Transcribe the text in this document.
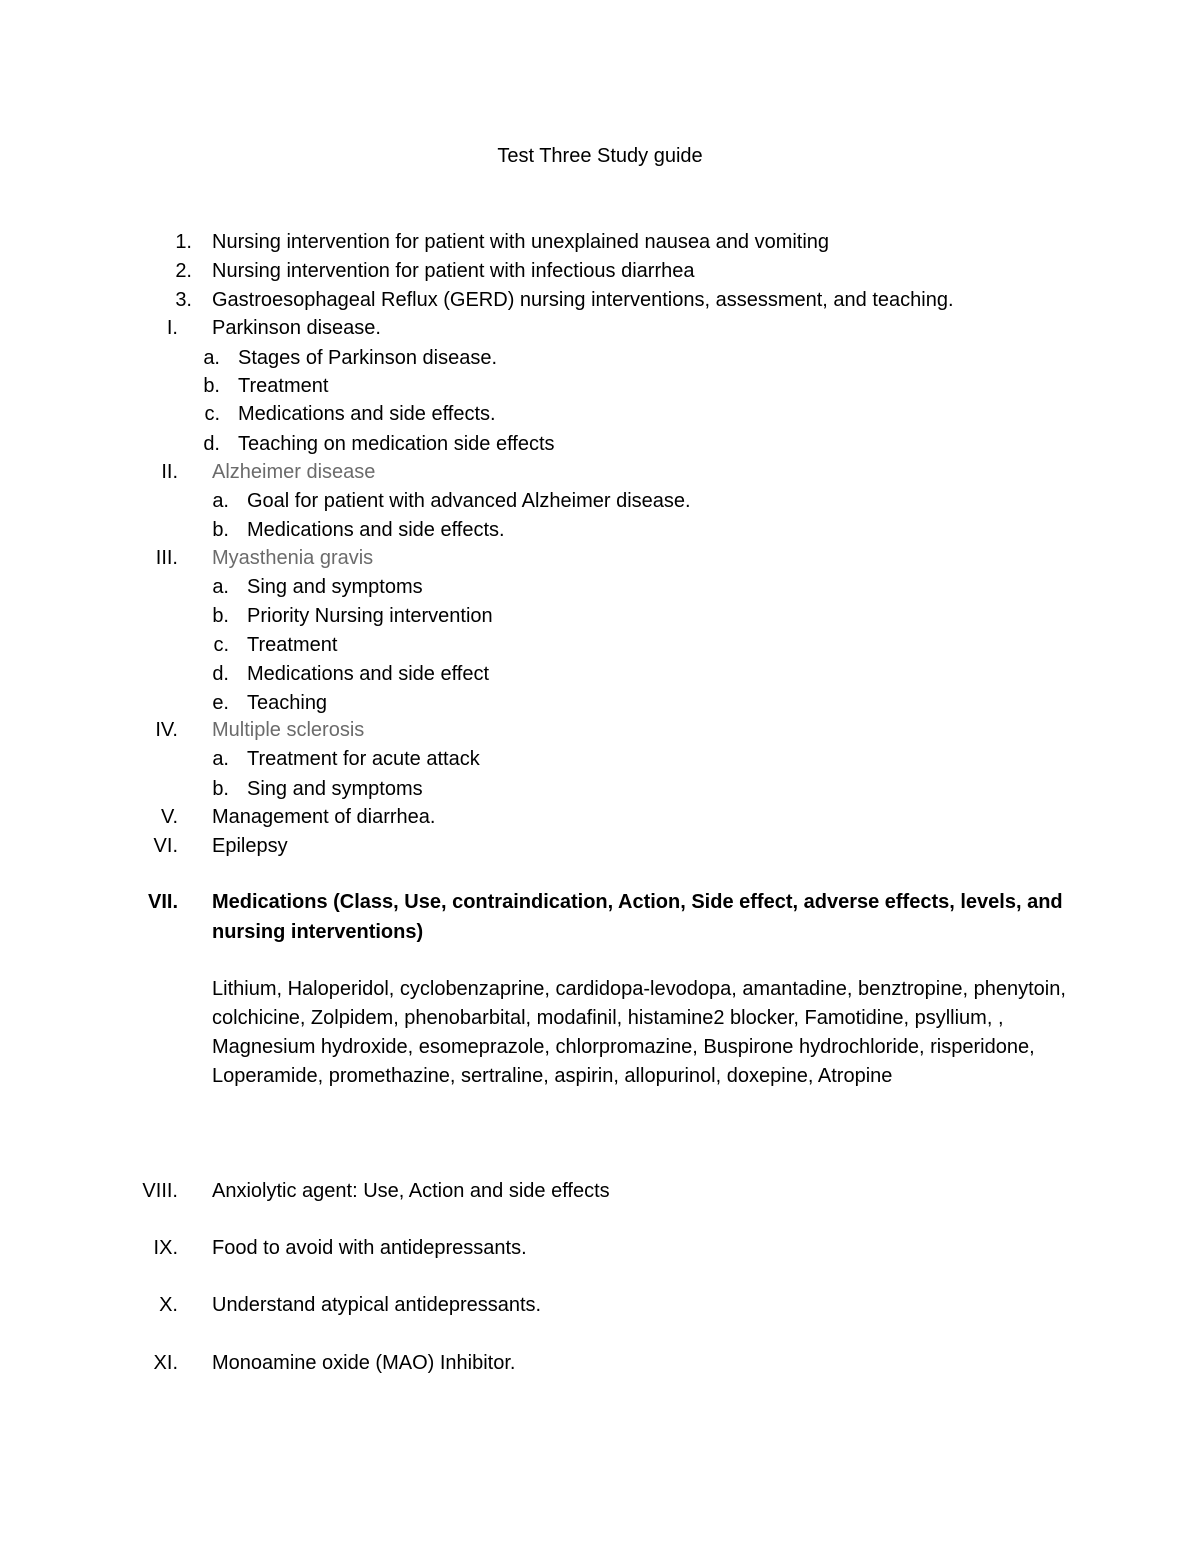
Test Three Study guide
1. Nursing intervention for patient with unexplained nausea and vomiting
2. Nursing intervention for patient with infectious diarrhea
3. Gastroesophageal Reflux (GERD) nursing interventions, assessment, and teaching.
I. Parkinson disease.
a. Stages of Parkinson disease.
b. Treatment
c. Medications and side effects.
d. Teaching on medication side effects
II. Alzheimer disease
a. Goal for patient with advanced Alzheimer disease.
b. Medications and side effects.
III. Myasthenia gravis
a. Sing and symptoms
b. Priority Nursing intervention
c. Treatment
d. Medications and side effect
e. Teaching
IV. Multiple sclerosis
a. Treatment for acute attack
b. Sing and symptoms
V. Management of diarrhea.
VI. Epilepsy
VII. Medications (Class, Use, contraindication, Action, Side effect, adverse effects, levels, and nursing interventions)
Lithium, Haloperidol, cyclobenzaprine, cardidopa-levodopa, amantadine, benztropine, phenytoin, colchicine, Zolpidem, phenobarbital, modafinil, histamine2 blocker, Famotidine, psyllium, , Magnesium hydroxide, esomeprazole, chlorpromazine, Buspirone hydrochloride, risperidone, Loperamide, promethazine, sertraline, aspirin, allopurinol, doxepine, Atropine
VIII. Anxiolytic agent: Use, Action and side effects
IX. Food to avoid with antidepressants.
X. Understand atypical antidepressants.
XI. Monoamine oxide (MAO) Inhibitor.
